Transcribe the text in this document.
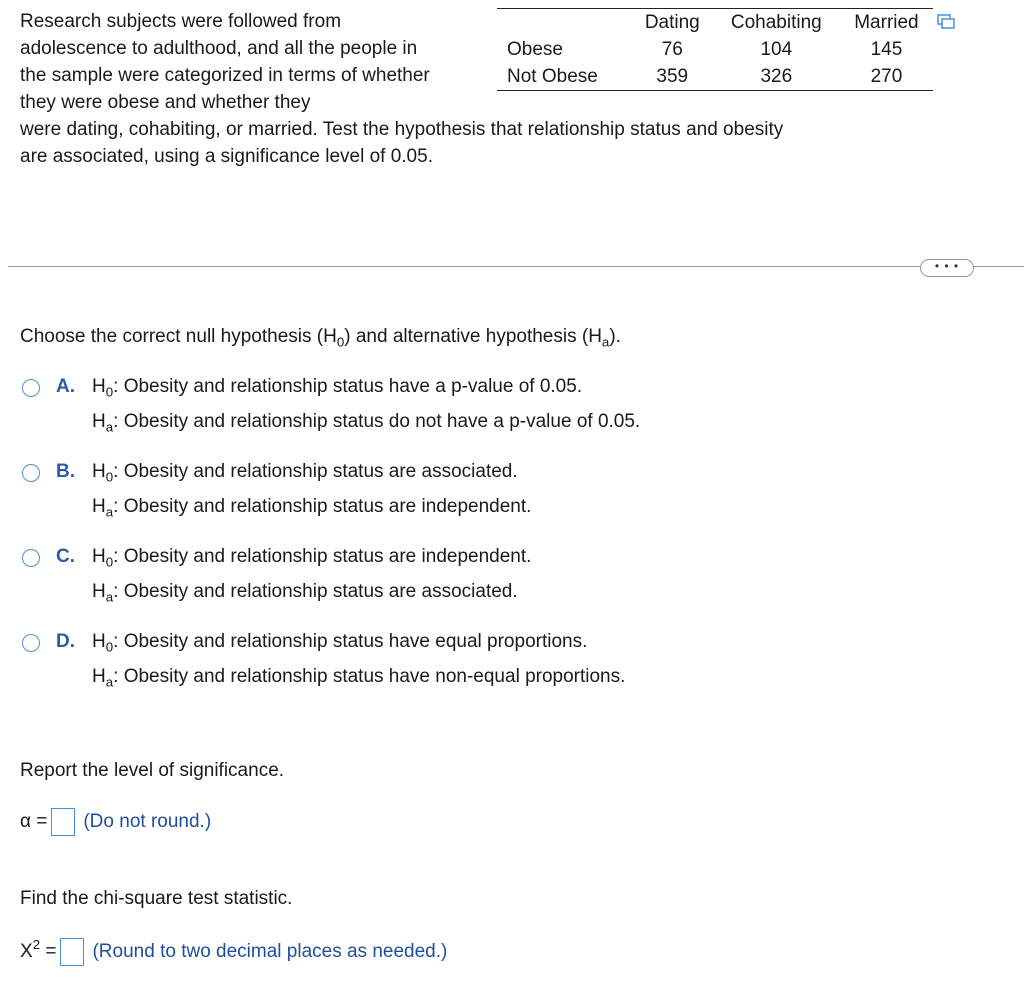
Research subjects were followed from
adolescence to adulthood, and all the people in
the sample were categorized in terms of whether
they were obese and whether they
were dating, cohabiting, or married. Test the hypothesis that relationship status and obesity
are associated, using a significance level of 0.05.
	Dating	Cohabiting	Married
Obese	76	104	145
Not Obese	359	326	270
• • •
Choose the correct null hypothesis $(H_0)$ and alternative hypothesis $(H_a)$.
A. $H_0$: Obesity and relationship status have a p-value of 0.05.
$H_a$: Obesity and relationship status do not have a p-value of 0.05.
B. $H_0$: Obesity and relationship status are associated.
$H_a$: Obesity and relationship status are independent.
C. $H_0$: Obesity and relationship status are independent.
$H_a$: Obesity and relationship status are associated.
D. $H_0$: Obesity and relationship status have equal proportions.
$H_a$: Obesity and relationship status have non-equal proportions.
Report the level of significance.
α = (Do not round.)
Find the chi-square test statistic.
$X^2$ = (Round to two decimal places as needed.)
